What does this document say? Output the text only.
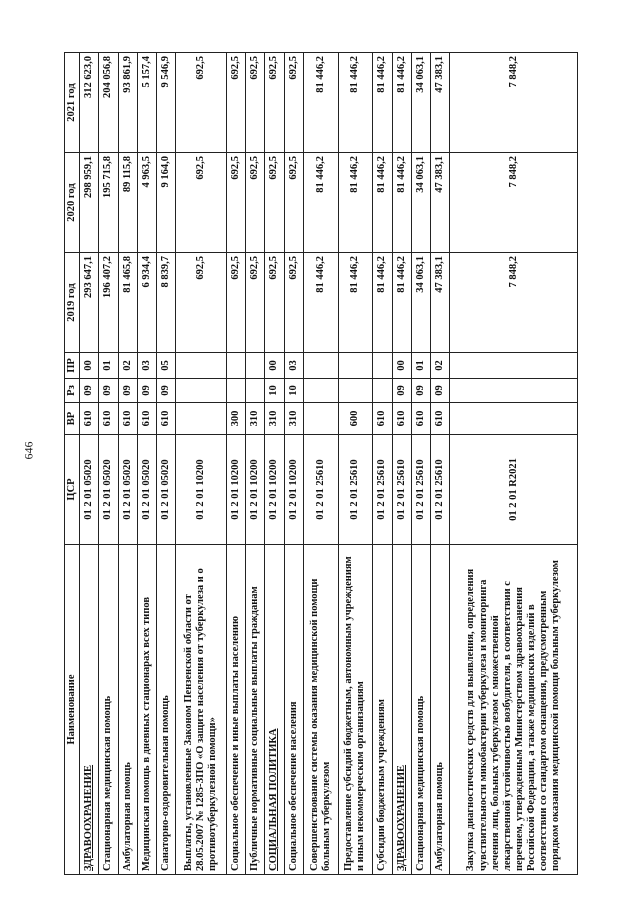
646
Наименование	ЦСР	ВР	Рз	ПР	2019 год	2020 год	2021 год
ЗДРАВООХРАНЕНИЕ	01 2 01 05020	610	09	00	293 647,1	298 959,1	312 623,0
Стационарная медицинская помощь	01 2 01 05020	610	09	01	196 407,2	195 715,8	204 056,8
Амбулаторная помощь	01 2 01 05020	610	09	02	81 465,8	89 115,8	93 861,9
Медицинская помощь в дневных стационарах всех типов	01 2 01 05020	610	09	03	6 934,4	4 963,5	5 157,4
Санаторно-оздоровительная помощь	01 2 01 05020	610	09	05	8 839,7	9 164,0	9 546,9
Выплаты, установленные Законом Пензенской области от 28.05.2007 № 1285-ЗПО «О защите населения от туберкулеза и о противотуберкулезной помощи»	01 2 01 10200				692,5	692,5	692,5
Социальное обеспечение и иные выплаты населению	01 2 01 10200	300			692,5	692,5	692,5
Публичные нормативные социальные выплаты гражданам	01 2 01 10200	310			692,5	692,5	692,5
СОЦИАЛЬНАЯ ПОЛИТИКА	01 2 01 10200	310	10	00	692,5	692,5	692,5
Социальное обеспечение населения	01 2 01 10200	310	10	03	692,5	692,5	692,5
Совершенствование системы оказания медицинской помощи больным туберкулезом	01 2 01 25610				81 446,2	81 446,2	81 446,2
Предоставление субсидий бюджетным, автономным учреждениям и иным некоммерческим организациям	01 2 01 25610	600			81 446,2	81 446,2	81 446,2
Субсидии бюджетным учреждениям	01 2 01 25610	610			81 446,2	81 446,2	81 446,2
ЗДРАВООХРАНЕНИЕ	01 2 01 25610	610	09	00	81 446,2	81 446,2	81 446,2
Стационарная медицинская помощь	01 2 01 25610	610	09	01	34 063,1	34 063,1	34 063,1
Амбулаторная помощь	01 2 01 25610	610	09	02	47 383,1	47 383,1	47 383,1
Закупка диагностических средств для выявления, определения чувствительности микобактерии туберкулеза и мониторинга лечения лиц, больных туберкулезом с множественной лекарственной устойчивостью возбудителя, в соответствии с перечнем, утвержденным Министерством здравоохранения Российской Федерации, а также медицинских изделий в соответствии со стандартом оснащения, предусмотренным порядком оказания медицинской помощи больным туберкулезом	01 2 01 R2021				7 848,2	7 848,2	7 848,2
